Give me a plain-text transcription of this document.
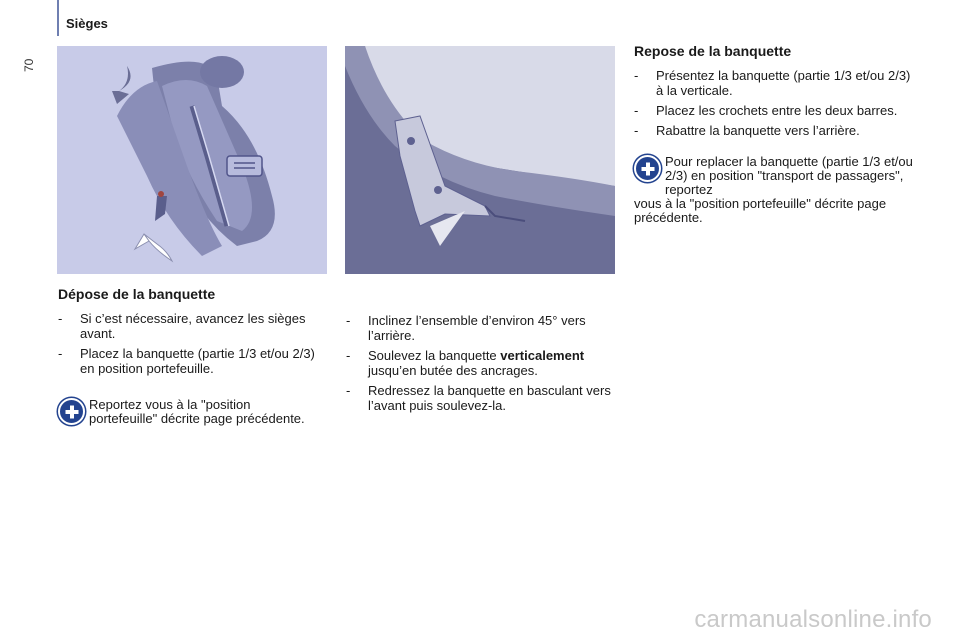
Sièges
70
Dépose de la banquette
- Si c’est nécessaire, avancez les sièges avant.
- Placez la banquette (partie 1/3 et/ou 2/3) en position portefeuille.
Reportez vous à la "position portefeuille" décrite page précédente.
- Inclinez l’ensemble d’environ 45° vers l’arrière.
- Soulevez la banquette verticalement jusqu’en butée des ancrages.
- Redressez la banquette en basculant vers l’avant puis soulevez-la.
Repose de la banquette
- Présentez la banquette (partie 1/3 et/ou 2/3) à la verticale.
- Placez les crochets entre les deux barres.
- Rabattre la banquette vers l’arrière.
Pour replacer la banquette (partie 1/3 et/ou 2/3) en position "transport de passagers", reportez
vous à la "position portefeuille" décrite page précédente.
carmanualsonline.info
